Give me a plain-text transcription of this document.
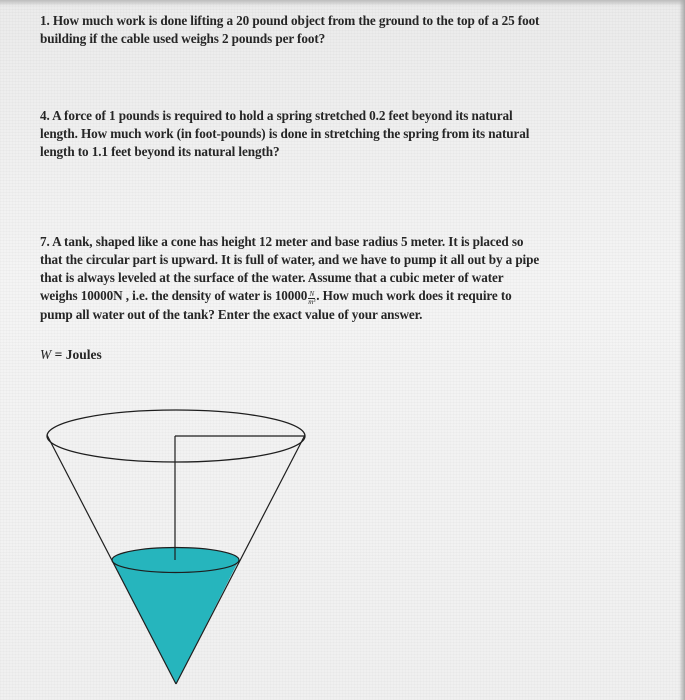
1. How much work is done lifting a 20 pound object from the ground to the top of a 25 foot

building if the cable used weighs 2 pounds per foot?

4. A force of 1 pounds is required to hold a spring stretched 0.2 feet beyond its natural

length. How much work (in foot-pounds) is done in stretching the spring from its natural

length to 1.1 feet beyond its natural length?

7. A tank, shaped like a cone has height 12 meter and base radius 5 meter. It is placed so

that the circular part is upward. It is full of water, and we have to pump it all out by a pipe

that is always leveled at the surface of the water. Assume that a cubic meter of water

weighs 10000N , i.e. the density of water is $10000 \frac{N}{\text{m³}}$ . How much work does it require to

pump all water out of the tank? Enter the exact value of your answer.

W = Joules
